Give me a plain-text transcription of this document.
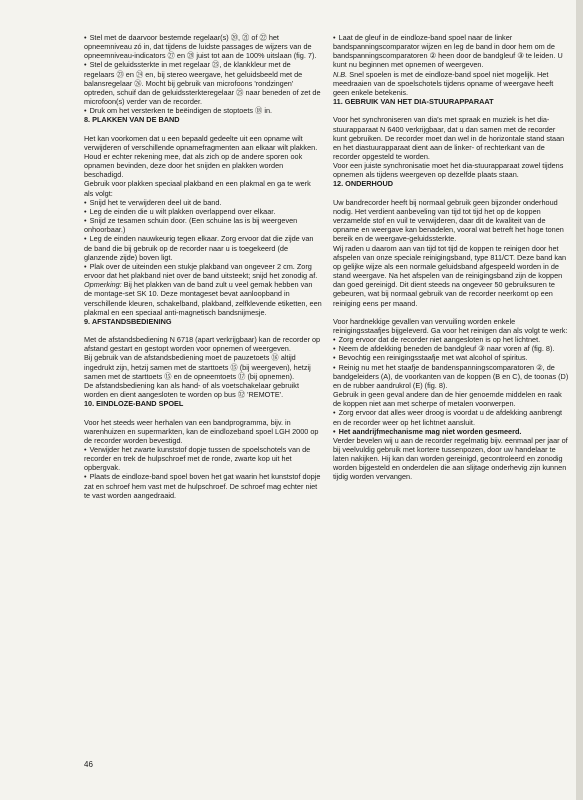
• Stel met de daarvoor bestemde regelaar(s) ⑳, ㉑ of ㉒ het opneemniveau zó in, dat tijdens de luidste passages de wijzers van de opneemniveau-indicators ㉗ en ㉘ juist tot aan de 100% uitslaan (fig. 7).

• Stel de geluidssterkte in met regelaar ㉕, de klankkleur met de regelaars ㉓ en ㉔ en, bij stereo weergave, het geluidsbeeld met de balansregelaar ㉖. Mocht bij gebruik van microfoons 'rondzingen' optreden, schuif dan de geluidssterkteregelaar ㉕ naar beneden of zet de microfoon(s) verder van de recorder.

• Druk om het versterken te beëindigen de stoptoets ⑱ in.

8. PLAKKEN VAN DE BAND

Het kan voorkomen dat u een bepaald gedeelte uit een opname wilt verwijderen of verschillende opnamefragmenten aan elkaar wilt plakken.

Houd er echter rekening mee, dat als zich op de andere sporen ook opnamen bevinden, deze door het snijden en plakken worden beschadigd.

Gebruik voor plakken speciaal plakband en een plakmal en ga te werk als volgt:

• Snijd het te verwijderen deel uit de band.

• Leg de einden die u wilt plakken overlappend over elkaar.

• Snijd ze tesamen schuin door. (Een schuine las is bij weergeven onhoorbaar.)

• Leg de einden nauwkeurig tegen elkaar. Zorg ervoor dat die zijde van de band die bij gebruik op de recorder naar u is toegekeerd (de glanzende zijde) boven ligt.

• Plak over de uiteinden een stukje plakband van ongeveer 2 cm. Zorg ervoor dat het plakband niet over de band uitsteekt; snijd het zonodig af.

Opmerking: Bij het plakken van de band zult u veel gemak hebben van de montage-set SK 10. Deze montageset bevat aanloopband in verschillende kleuren, schakelband, plakband, zelfklevende etiketten, een plakmal en een speciaal anti-magnetisch bandsnijmesje.

9. AFSTANDSBEDIENING

Met de afstandsbediening N 6718 (apart verkrijgbaar) kan de recorder op afstand gestart en gestopt worden voor opnemen of weergeven.

Bij gebruik van de afstandsbediening moet de pauzetoets ⑯ altijd ingedrukt zijn, hetzij samen met de starttoets ⑮ (bij weergeven), hetzij samen met de starttoets ⑮ en de opneemtoets ⑰ (bij opnemen).

De afstandsbediening kan als hand- of als voetschakelaar gebruikt worden en dient aangesloten te worden op bus ㉜ 'REMOTE'.

10. EINDLOZE-BAND SPOEL

Voor het steeds weer herhalen van een bandprogramma, bijv. in warenhuizen en supermarkten, kan de eindlozeband spoel LGH 2000 op de recorder worden bevestigd.

• Verwijder het zwarte kunststof dopje tussen de spoelschotels van de recorder en trek de hulpschroef met de ronde, zwarte kop uit het opbergvak.

• Plaats de eindloze-band spoel boven het gat waarin het kunststof dopje zat en schroef hem vast met de hulpschroef. De schroef mag echter niet te vast worden aangedraaid.

• Laat de gleuf in de eindloze-band spoel naar de linker bandspanningscomparator wijzen en leg de band in door hem om de bandspanningscomparatoren ② heen door de bandgleuf ③ te leiden. U kunt nu beginnen met opnemen of weergeven.

N.B. Snel spoelen is met de eindloze-band spoel niet mogelijk. Het meedraaien van de spoelschotels tijdens opname of weergave heeft geen enkele betekenis.

11. GEBRUIK VAN HET DIA-STUURAPPARAAT

Voor het synchroniseren van dia's met spraak en muziek is het dia-stuurapparaat N 6400 verkrijgbaar, dat u dan samen met de recorder kunt gebruiken. De recorder moet dan wel in de horizontale stand staan en het diastuurapparaat dient aan de linker- of rechterkant van de recorder opgesteld te worden.

Voor een juiste synchronisatie moet het dia-stuurapparaat zowel tijdens opnemen als tijdens weergeven op dezelfde plaats staan.

12. ONDERHOUD

Uw bandrecorder heeft bij normaal gebruik geen bijzonder onderhoud nodig. Het verdient aanbeveling van tijd tot tijd het op de koppen verzamelde stof en vuil te verwijderen, daar dit de kwaliteit van de opname en weergave kan benadelen, vooral wat betreft het hoge tonen bereik en de weergave-geluidssterkte.

Wij raden u daarom aan van tijd tot tijd de koppen te reinigen door het afspelen van onze speciale reinigingsband, type 811/CT. Deze band kan op gelijke wijze als een normale geluidsband afgespeeld worden in de stand weergave. Na het afspelen van de reinigingsband zijn de koppen dan goed gereinigd. Dit dient steeds na ongeveer 50 gebruiksuren te gebeuren, wat bij normaal gebruik van de recorder neerkomt op een reiniging eens per maand.

Voor hardnekkige gevallen van vervuiling worden enkele reinigingsstaafjes bijgeleverd. Ga voor het reinigen dan als volgt te werk:

• Zorg ervoor dat de recorder niet aangesloten is op het lichtnet.

• Neem de afdekking beneden de bandgleuf ③ naar voren af (fig. 8).

• Bevochtig een reinigingsstaafje met wat alcohol of spiritus.

• Reinig nu met het staafje de bandenspanningscomparatoren ②, de bandgeleiders (A), de voorkanten van de koppen (B en C), de toonas (D) en de rubber aandrukrol (E) (fig. 8).

Gebruik in geen geval andere dan de hier genoemde middelen en raak de koppen niet aan met scherpe of metalen voorwerpen.

• Zorg ervoor dat alles weer droog is voordat u de afdekking aanbrengt en de recorder weer op het lichtnet aansluit.

• Het aandrijfmechanisme mag niet worden gesmeerd.

Verder bevelen wij u aan de recorder regelmatig bijv. eenmaal per jaar of bij veelvuldig gebruik met kortere tussenpozen, door uw handelaar te laten nakijken. Hij kan dan worden gereinigd, gecontroleerd en zonodig worden bijgesteld en onderdelen die aan slijtage onderhevig zijn kunnen tijdig worden vervangen.

46
